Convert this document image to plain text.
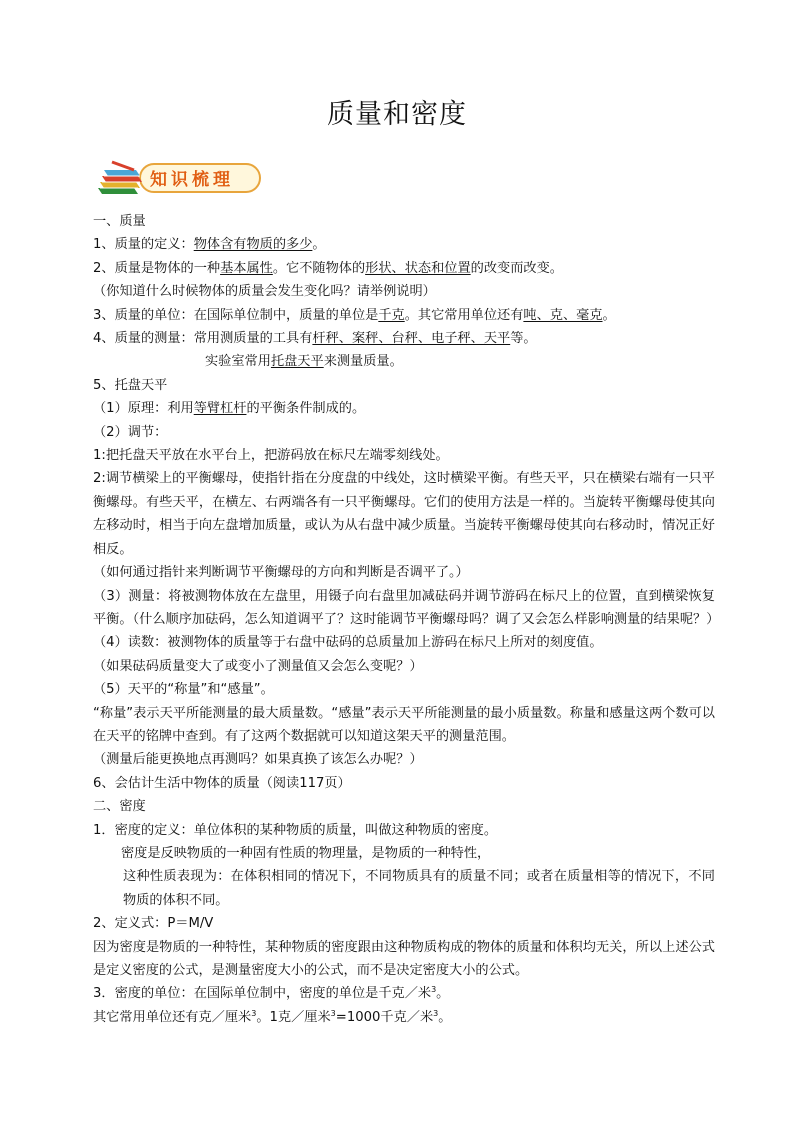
质量和密度
知识梳理

一、质量

1、质量的定义：物体含有物质的多少。

2、质量是物体的一种基本属性。它不随物体的形状、状态和位置的改变而改变。

（你知道什么时候物体的质量会发生变化吗？请举例说明）

3、质量的单位：在国际单位制中，质量的单位是千克。其它常用单位还有吨、克、毫克。

4、质量的测量：常用测质量的工具有杆秤、案秤、台秤、电子秤、天平等。

实验室常用托盘天平来测量质量。

5、托盘天平

（1）原理：利用等臂杠杆的平衡条件制成的。

（2）调节：

1:把托盘天平放在水平台上，把游码放在标尺左端零刻线处。

2:调节横梁上的平衡螺母，使指针指在分度盘的中线处，这时横梁平衡。有些天平，只在横梁右端有一只平衡螺母。有些天平，在横左、右两端各有一只平衡螺母。它们的使用方法是一样的。当旋转平衡螺母使其向左移动时，相当于向左盘增加质量，或认为从右盘中减少质量。当旋转平衡螺母使其向右移动时，情况正好相反。

（如何通过指针来判断调节平衡螺母的方向和判断是否调平了。）

（3）测量：将被测物体放在左盘里，用镊子向右盘里加减砝码并调节游码在标尺上的位置，直到横梁恢复平衡。（什么顺序加砝码，怎么知道调平了？这时能调节平衡螺母吗？调了又会怎么样影响测量的结果呢？）

（4）读数：被测物体的质量等于右盘中砝码的总质量加上游码在标尺上所对的刻度值。

（如果砝码质量变大了或变小了测量值又会怎么变呢？）

（5）天平的“称量”和“感量”。

“称量”表示天平所能测量的最大质量数。“感量”表示天平所能测量的最小质量数。称量和感量这两个数可以在天平的铭牌中查到。有了这两个数据就可以知道这架天平的测量范围。

（测量后能更换地点再测吗？如果真换了该怎么办呢？）

6、会估计生活中物体的质量（阅读117页）

二、密度

1．密度的定义：单位体积的某种物质的质量，叫做这种物质的密度。

密度是反映物质的一种固有性质的物理量，是物质的一种特性，

这种性质表现为：在体积相同的情况下，不同物质具有的质量不同；或者在质量相等的情况下，不同物质的体积不同。

2、定义式：P＝M/V

因为密度是物质的一种特性，某种物质的密度跟由这种物质构成的物体的质量和体积均无关，所以上述公式是定义密度的公式，是测量密度大小的公式，而不是决定密度大小的公式。

3．密度的单位：在国际单位制中，密度的单位是千克／米$^3$。

其它常用单位还有克／厘米$^3$。1克／厘米$^3$=1000千克／米$^3$。
